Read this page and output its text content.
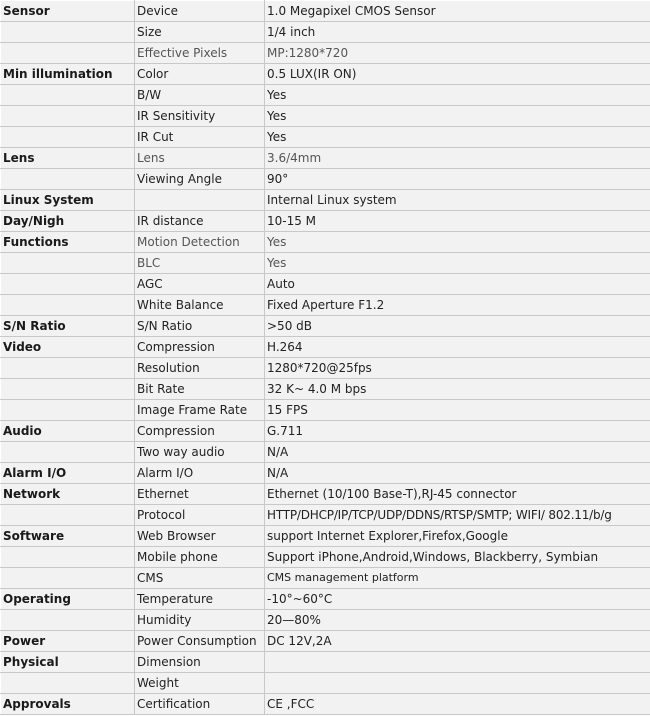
Sensor	Device	1.0 Megapixel CMOS Sensor
	Size	1/4 inch
	Effective Pixels	MP:1280*720
Min illumination	Color	0.5 LUX(IR ON)
	B/W	Yes
	IR Sensitivity	Yes
	IR Cut	Yes
Lens	Lens	3.6/4mm
	Viewing Angle	90°
Linux System		Internal Linux system
Day/Nigh	IR distance	10-15 M
Functions	Motion Detection	Yes
	BLC	Yes
	AGC	Auto
	White Balance	Fixed Aperture F1.2
S/N Ratio	S/N Ratio	>50 dB
Video	Compression	H.264
	Resolution	1280*720@25fps
	Bit Rate	32 K~ 4.0 M bps
	Image Frame Rate	15 FPS
Audio	Compression	G.711
	Two way audio	N/A
Alarm I/O	Alarm I/O	N/A
Network	Ethernet	Ethernet (10/100 Base-T),RJ-45 connector
	Protocol	HTTP/DHCP/IP/TCP/UDP/DDNS/RTSP/SMTP; WIFI/ 802.11/b/g
Software	Web Browser	support Internet Explorer,Firefox,Google
	Mobile phone	Support iPhone,Android,Windows, Blackberry, Symbian
	CMS	CMS management platform
Operating	Temperature	-10°~60°C
	Humidity	20—80%
Power	Power Consumption	DC 12V,2A
Physical	Dimension	
	Weight	
Approvals	Certification	CE ,FCC
